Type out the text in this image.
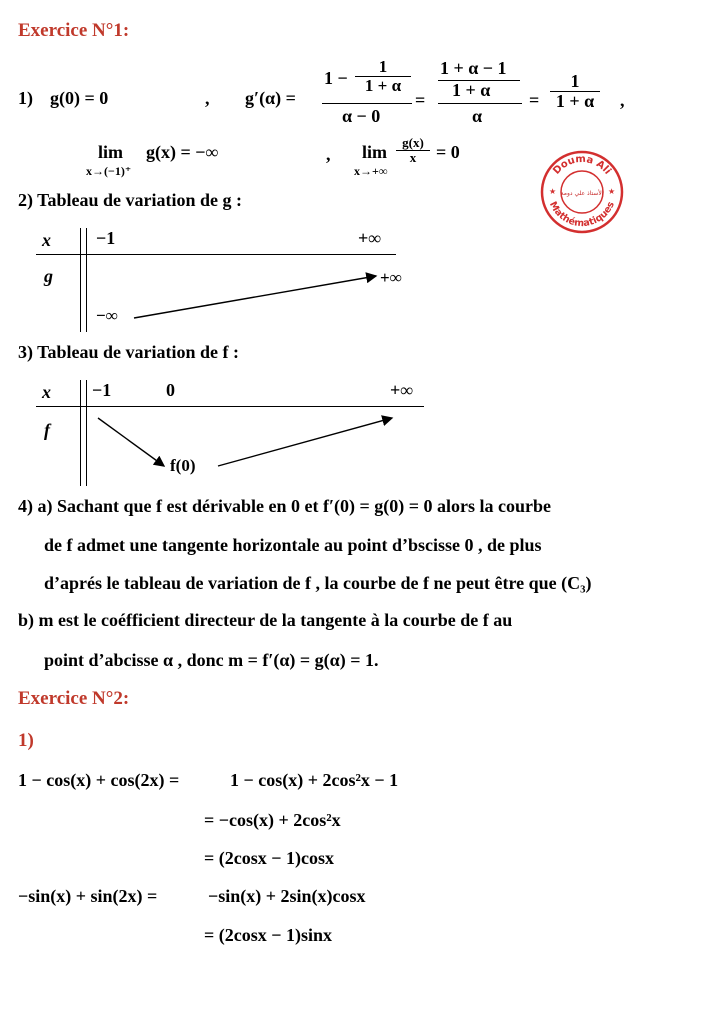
Exercice N°1:
1) g(0) = 0	, g′(α) =
1 −
1
1 + α
α − 0
=
1 + α − 1
1 + α
α
=
1
1 + α ,
lim
x→(−1)⁺
g(x) = −∞	, lim
x→+∞
g(x)
x = 0
Douma Ali
Mathématiques
الأستاذ علي دومة
★	★
2) Tableau de variation de g :
x	−1	+∞
g
−∞
+∞
3) Tableau de variation de f :
x −1	0	+∞
f
f(0)
4) a) Sachant que f est dérivable en 0 et f′(0) = g(0) = 0 alors la courbe
de f admet une tangente horizontale au point d’bscisse 0 , de plus
d’aprés le tableau de variation de f , la courbe de f ne peut être que (C₃)
b) m est le coéfficient directeur de la tangente à la courbe de f au
point d’abcisse α , donc m = f′(α) = g(α) = 1.
Exercice N°2:
1)
1 − cos(x) + cos(2x) =	1 − cos(x) + 2cos²x − 1
= −cos(x) + 2cos²x
= (2cosx − 1)cosx
−sin(x) + sin(2x) =	−sin(x) + 2sin(x)cosx
= (2cosx − 1)sinx
